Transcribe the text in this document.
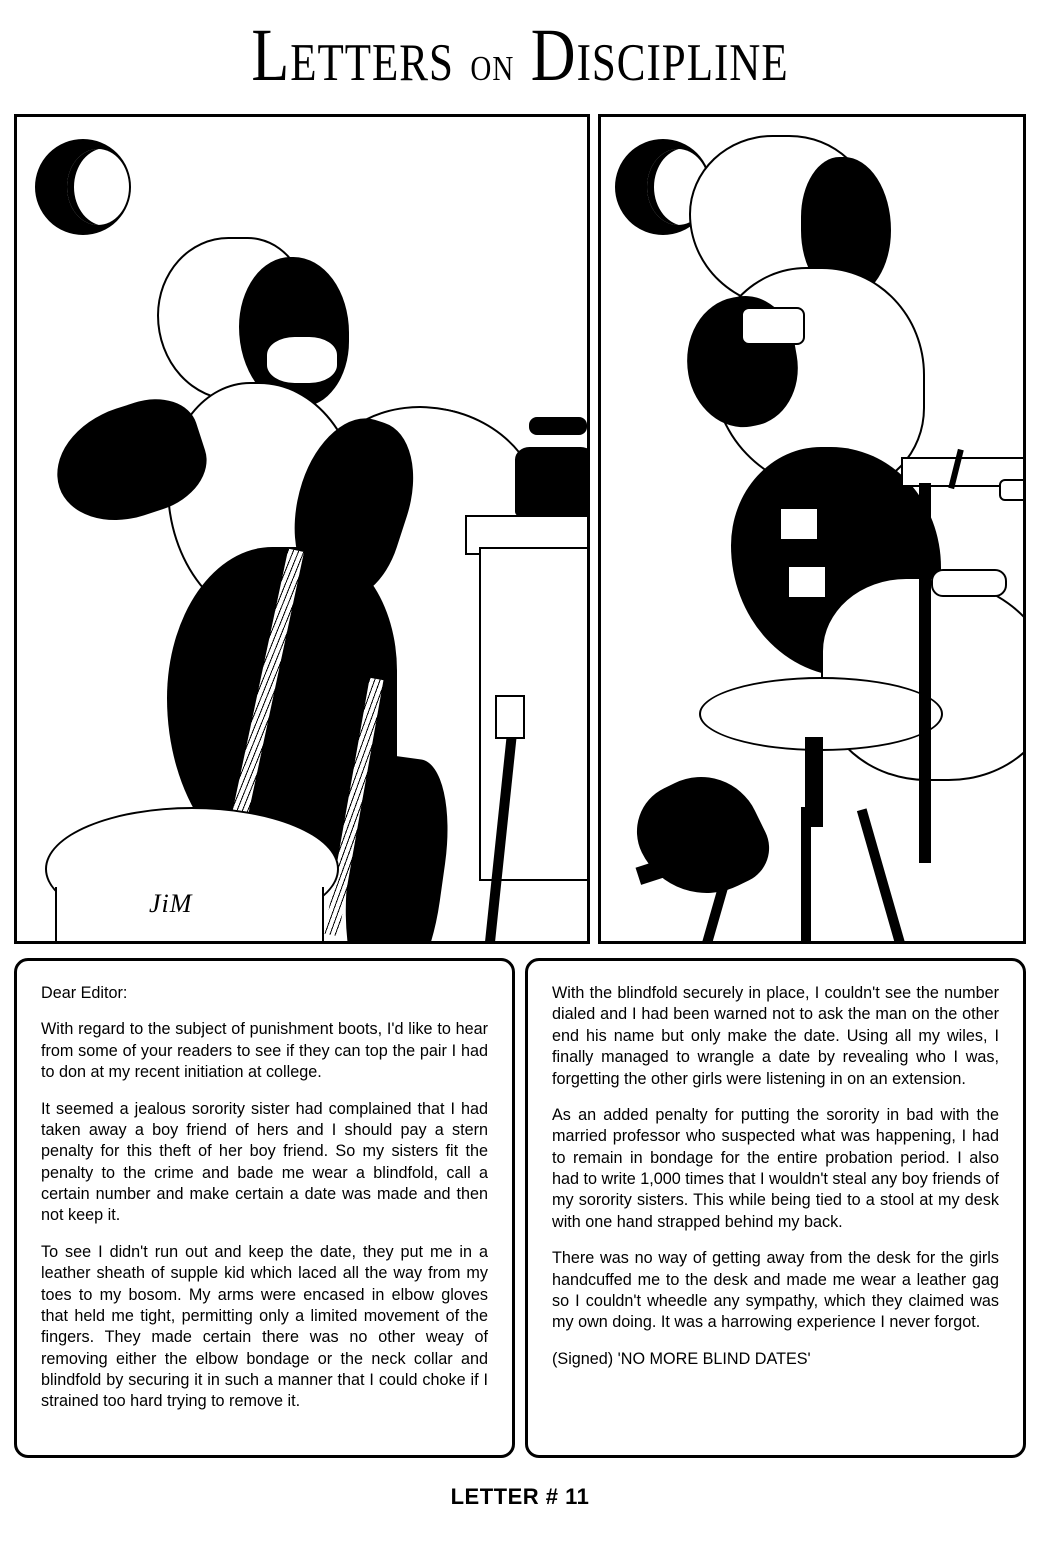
Letters on Discipline
JiM

Dear Editor:

With regard to the subject of punishment boots, I'd like to hear from some of your readers to see if they can top the pair I had to don at my recent initiation at college.

It seemed a jealous sorority sister had complained that I had taken away a boy friend of hers and I should pay a stern penalty for this theft of her boy friend. So my sisters fit the penalty to the crime and bade me wear a blindfold, call a certain number and make certain a date was made and then not keep it.

To see I didn't run out and keep the date, they put me in a leather sheath of supple kid which laced all the way from my toes to my bosom. My arms were encased in elbow gloves that held me tight, permitting only a limited movement of the fingers. They made certain there was no other weay of removing either the elbow bondage or the neck collar and blindfold by securing it in such a manner that I could choke if I strained too hard trying to remove it.

With the blindfold securely in place, I couldn't see the number dialed and I had been warned not to ask the man on the other end his name but only make the date. Using all my wiles, I finally managed to wrangle a date by revealing who I was, forgetting the other girls were listening in on an extension.

As an added penalty for putting the sorority in bad with the married professor who suspected what was happening, I had to remain in bondage for the entire probation period. I also had to write 1,000 times that I wouldn't steal any boy friends of my sorority sisters. This while being tied to a stool at my desk with one hand strapped behind my back.

There was no way of getting away from the desk for the girls handcuffed me to the desk and made me wear a leather gag so I couldn't wheedle any sympathy, which they claimed was my own doing. It was a harrowing experience I never forgot.

(Signed) 'NO MORE BLIND DATES'

LETTER # 11
